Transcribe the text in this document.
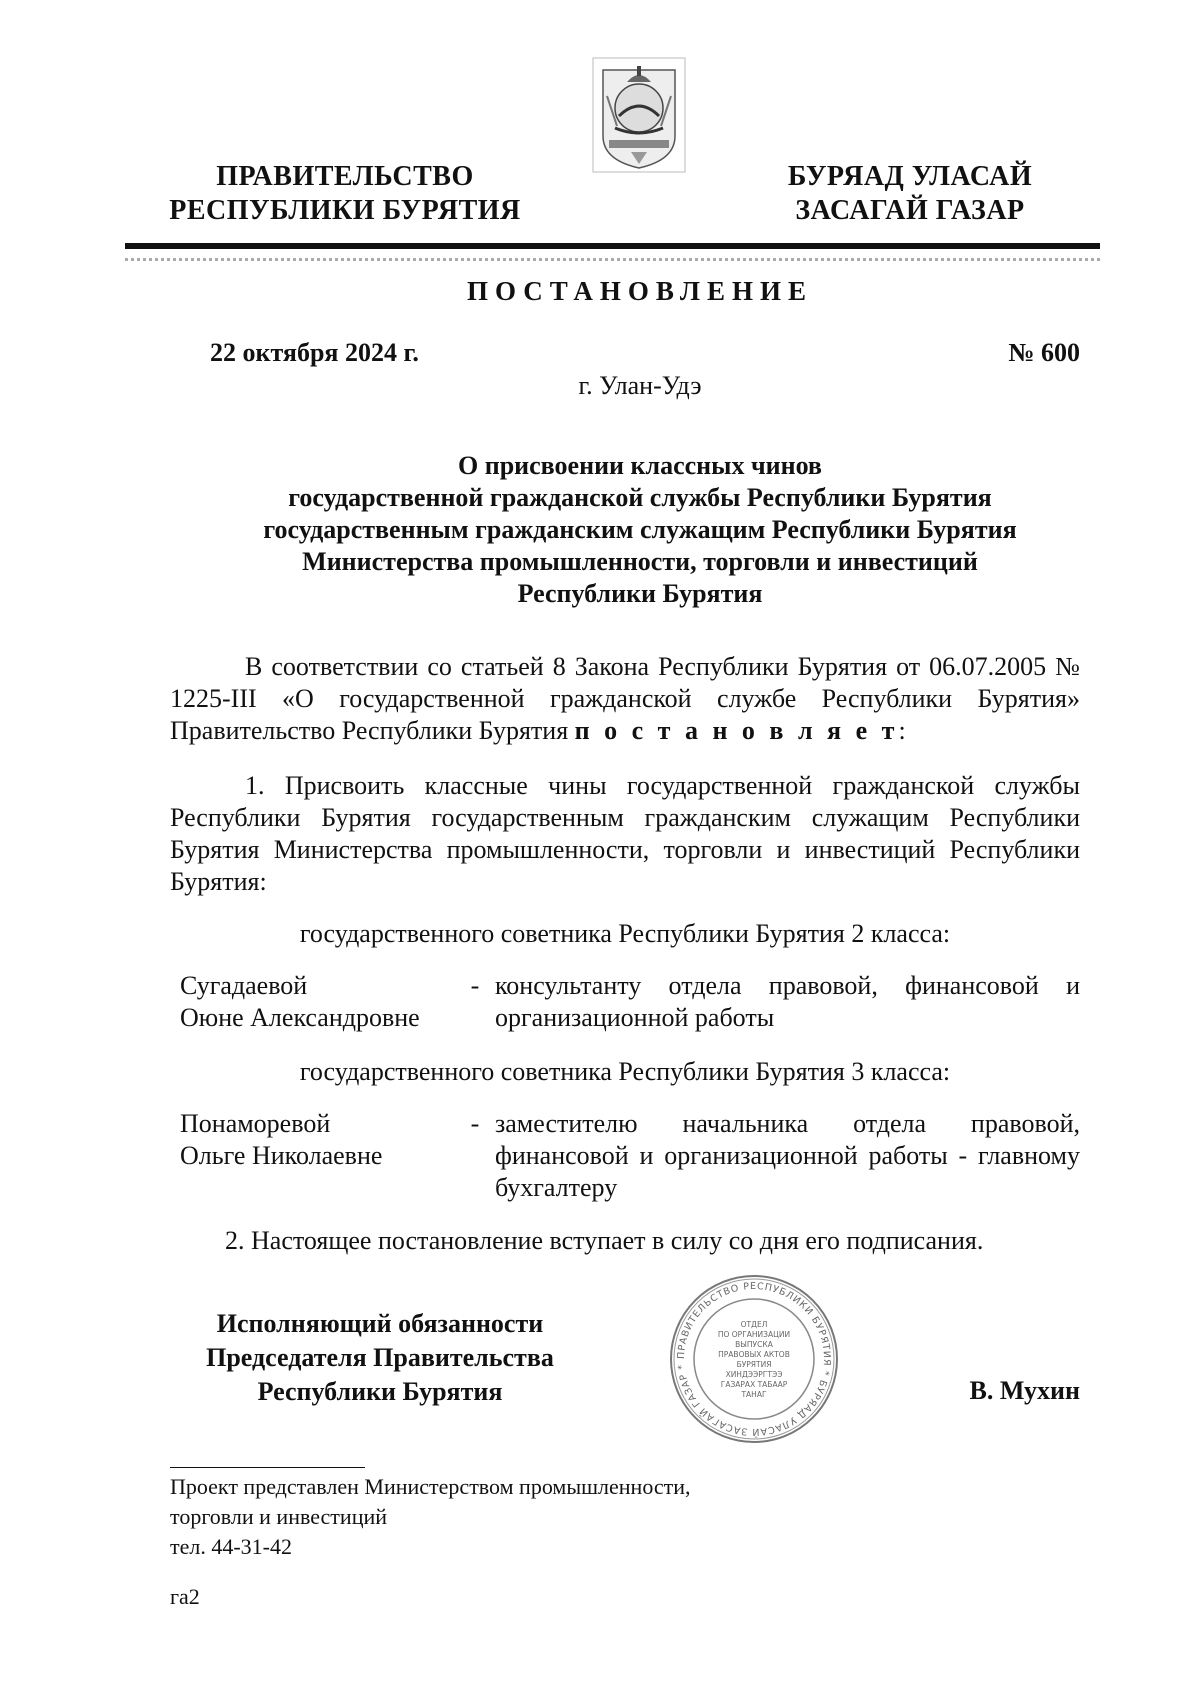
ПРАВИТЕЛЬСТВО
РЕСПУБЛИКИ БУРЯТИЯ
БУРЯАД УЛАСАЙ
ЗАСАГАЙ ГАЗАР
ПОСТАНОВЛЕНИЕ
22 октября 2024 г.	№ 600
г. Улан-Удэ
О присвоении классных чинов
государственной гражданской службы Республики Бурятия
государственным гражданским служащим Республики Бурятия
Министерства промышленности, торговли и инвестиций
Республики Бурятия
В соответствии со статьей 8 Закона Республики Бурятия от 06.07.2005 № 1225-III «О государственной гражданской службе Республики Бурятия» Правительство Республики Бурятия п о с т а н о в л я е т:
1. Присвоить классные чины государственной гражданской службы Республики Бурятия государственным гражданским служащим Республики Бурятия Министерства промышленности, торговли и инвестиций Республики Бурятия:
государственного советника Республики Бурятия 2 класса:
Сугадаевой
Оюне Александровне
- консультанту отдела правовой, финансовой и организационной работы
государственного советника Республики Бурятия 3 класса:
Понаморевой
Ольге Николаевне
- заместителю начальника отдела правовой, финансовой и организационной работы - главному бухгалтеру
2. Настоящее постановление вступает в силу со дня его подписания.
Исполняющий обязанности
Председателя Правительства
Республики Бурятия	В. Мухин
ПРАВИТЕЛЬСТВО РЕСПУБЛИКИ БУРЯТИЯ * БУРЯАД УЛАСАЙ ЗАСАГАЙ ГАЗАР *
ОТДЕЛ
ПО ОРГАНИЗАЦИИ
ВЫПУСКА
ПРАВОВЫХ АКТОВ
БУРЯТИЯ
ХИНДЭЭРГТЭЭ
ГАЗАРАХ ТАБААР
ТАНАГ
Проект представлен Министерством промышленности,
торговли и инвестиций
тел. 44-31-42
га2
